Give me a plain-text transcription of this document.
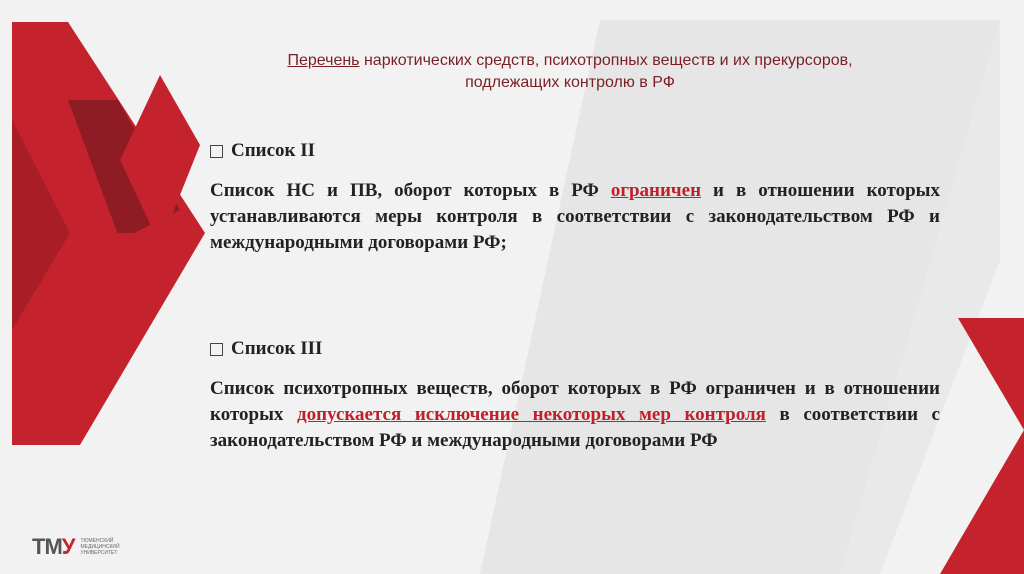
Перечень наркотических средств, психотропных веществ и их прекурсоров,
подлежащих контролю в РФ
Список II
Список НС и ПВ, оборот которых в РФ ограничен и в отношении которых устанавливаются меры контроля в соответствии с законодательством РФ и международными договорами РФ;
Список III
Список психотропных веществ, оборот которых в РФ ограничен и в отношении которых допускается исключение некоторых мер контроля в соответствии с законодательством РФ и международными договорами РФ
ТМУ ТЮМЕНСКИЙ МЕДИЦИНСКИЙ УНИВЕРСИТЕТ
